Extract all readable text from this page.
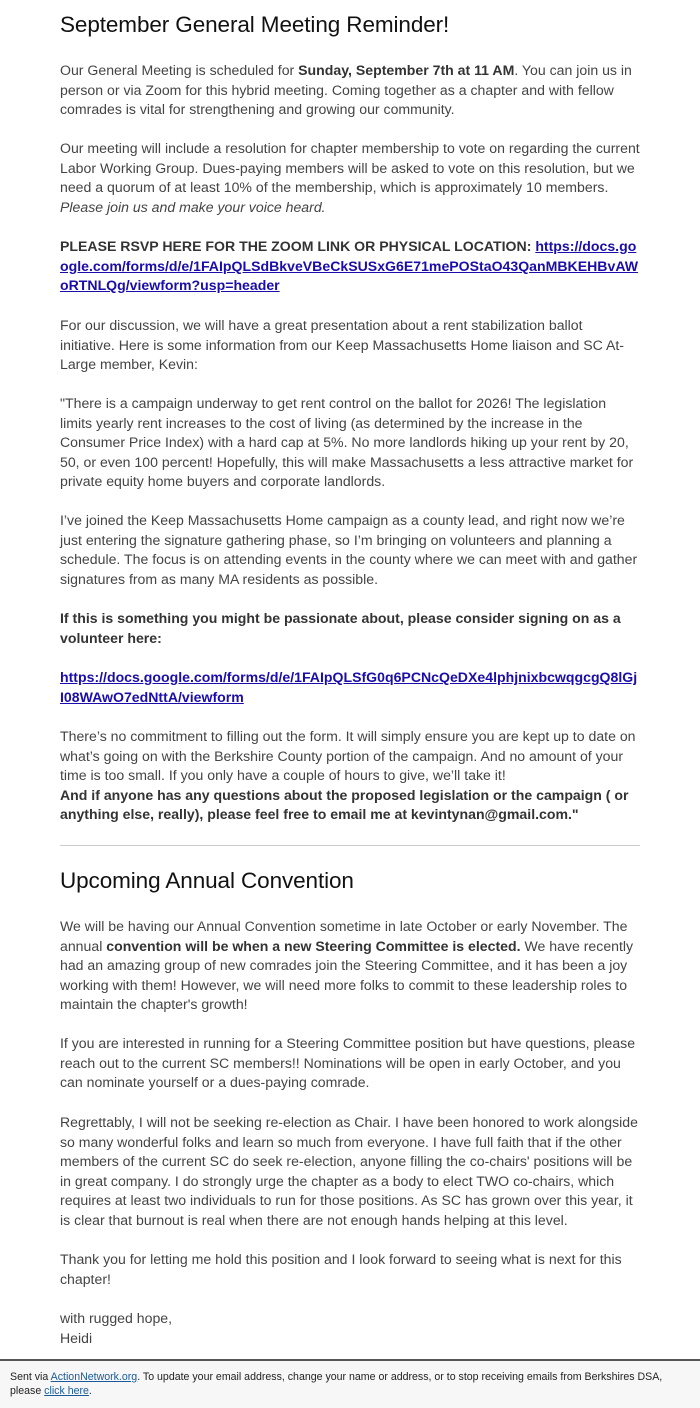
September General Meeting Reminder!

Our General Meeting is scheduled for Sunday, September 7th at 11 AM. You can join us in person or via Zoom for this hybrid meeting. Coming together as a chapter and with fellow comrades is vital for strengthening and growing our community.

Our meeting will include a resolution for chapter membership to vote on regarding the current Labor Working Group. Dues-paying members will be asked to vote on this resolution, but we need a quorum of at least 10% of the membership, which is approximately 10 members. Please join us and make your voice heard.

PLEASE RSVP HERE FOR THE ZOOM LINK OR PHYSICAL LOCATION: https://docs.google.com/forms/d/e/1FAIpQLSdBkveVBeCkSUSxG6E71mePOStaO43QanMBKEHBvAWoRTNLQg/viewform?usp=header

For our discussion, we will have a great presentation about a rent stabilization ballot initiative. Here is some information from our Keep Massachusetts Home liaison and SC At-Large member, Kevin:

"There is a campaign underway to get rent control on the ballot for 2026! The legislation limits yearly rent increases to the cost of living (as determined by the increase in the Consumer Price Index) with a hard cap at 5%. No more landlords hiking up your rent by 20, 50, or even 100 percent! Hopefully, this will make Massachusetts a less attractive market for private equity home buyers and corporate landlords.

I’ve joined the Keep Massachusetts Home campaign as a county lead, and right now we’re just entering the signature gathering phase, so I’m bringing on volunteers and planning a schedule. The focus is on attending events in the county where we can meet with and gather signatures from as many MA residents as possible.

If this is something you might be passionate about, please consider signing on as a volunteer here:

https://docs.google.com/forms/d/e/1FAIpQLSfG0q6PCNcQeDXe4lphjnixbcwqgcgQ8lGjI08WAwO7edNttA/viewform

There’s no commitment to filling out the form. It will simply ensure you are kept up to date on what’s going on with the Berkshire County portion of the campaign. And no amount of your time is too small. If you only have a couple of hours to give, we’ll take it!
And if anyone has any questions about the proposed legislation or the campaign ( or anything else, really), please feel free to email me at kevintynan@gmail.com."

Upcoming Annual Convention

We will be having our Annual Convention sometime in late October or early November. The annual convention will be when a new Steering Committee is elected. We have recently had an amazing group of new comrades join the Steering Committee, and it has been a joy working with them! However, we will need more folks to commit to these leadership roles to maintain the chapter's growth!

If you are interested in running for a Steering Committee position but have questions, please reach out to the current SC members!! Nominations will be open in early October, and you can nominate yourself or a dues-paying comrade.

Regrettably, I will not be seeking re-election as Chair. I have been honored to work alongside so many wonderful folks and learn so much from everyone. I have full faith that if the other members of the current SC do seek re-election, anyone filling the co-chairs' positions will be in great company. I do strongly urge the chapter as a body to elect TWO co-chairs, which requires at least two individuals to run for those positions. As SC has grown over this year, it is clear that burnout is real when there are not enough hands helping at this level.

Thank you for letting me hold this position and I look forward to seeing what is next for this chapter!

with rugged hope,
Heidi

Sent via ActionNetwork.org. To update your email address, change your name or address, or to stop receiving emails from Berkshires DSA, please click here.
